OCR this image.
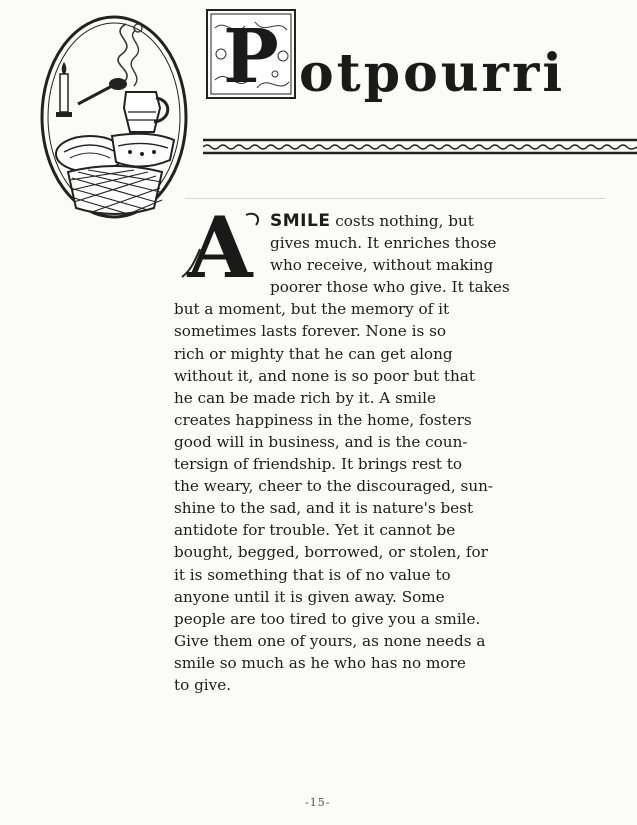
P otpourri
A	SMILE costs nothing, but
gives much. It enriches those
who receive, without making
poorer those who give. It takes
but a moment, but the memory of it
sometimes lasts forever. None is so
rich or mighty that he can get along
without it, and none is so poor but that
he can be made rich by it. A smile
creates happiness in the home, fosters
good will in business, and is the coun-
tersign of friendship. It brings rest to
the weary, cheer to the discouraged, sun-
shine to the sad, and it is nature's best
antidote for trouble. Yet it cannot be
bought, begged, borrowed, or stolen, for
it is something that is of no value to
anyone until it is given away. Some
people are too tired to give you a smile.
Give them one of yours, as none needs a
smile so much as he who has no more
to give.
-15-
